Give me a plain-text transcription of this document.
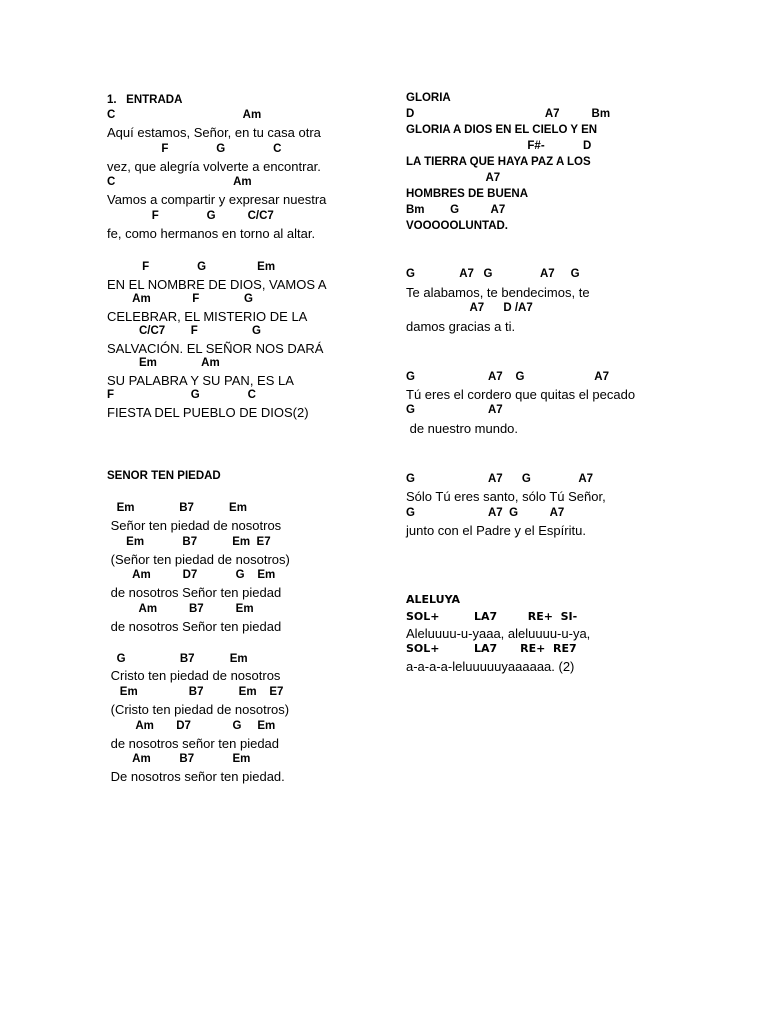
1.   ENTRADA
C                                        Am
Aquí estamos, Señor, en tu casa otra
F               G               C
vez, que alegría volverte a encontrar.
C                                     Am
Vamos a compartir y expresar nuestra
F               G          C/C7
fe, como hermanos en torno al altar.
F               G                Em
EN EL NOMBRE DE DIOS, VAMOS A
Am             F              G
CELEBRAR, EL MISTERIO DE LA
C/C7        F                 G
SALVACIÓN. EL SEÑOR NOS DARÁ
Em              Am
SU PALABRA Y SU PAN, ES LA
F                        G               C
FIESTA DEL PUEBLO DE DIOS(2)
SENOR TEN PIEDAD
Em              B7           Em
Señor ten piedad de nosotros
Em            B7           Em  E7
(Señor ten piedad de nosotros)
Am          D7            G    Em
de nosotros Señor ten piedad
Am          B7          Em
de nosotros Señor ten piedad
G                 B7           Em
Cristo ten piedad de nosotros
Em                B7           Em    E7
(Cristo ten piedad de nosotros)
Am       D7             G     Em
de nosotros señor ten piedad
Am         B7            Em
De nosotros señor ten piedad.
GLORIA
D                                         A7          Bm
GLORIA A DIOS EN EL CIELO Y EN
F#-            D
LA TIERRA QUE HAYA PAZ A LOS
A7
HOMBRES DE BUENA
Bm        G          A7
VOOOOOLUNTAD.
G              A7   G               A7     G
Te alabamos, te bendecimos, te
A7      D /A7
damos gracias a ti.
G                       A7    G                      A7
Tú eres el cordero que quitas el pecado
G                       A7
de nuestro mundo.
G                       A7      G               A7
Sólo Tú eres santo, sólo Tú Señor,
G                       A7  G          A7
junto con el Padre y el Espíritu.
ALELUYA
SOL+         LA7        RE+  SI-
Aleluuuu-u-yaaa, aleluuuu-u-ya,
SOL+         LA7      RE+  RE7
a-a-a-a-leluuuuuyaaaaaa. (2)
